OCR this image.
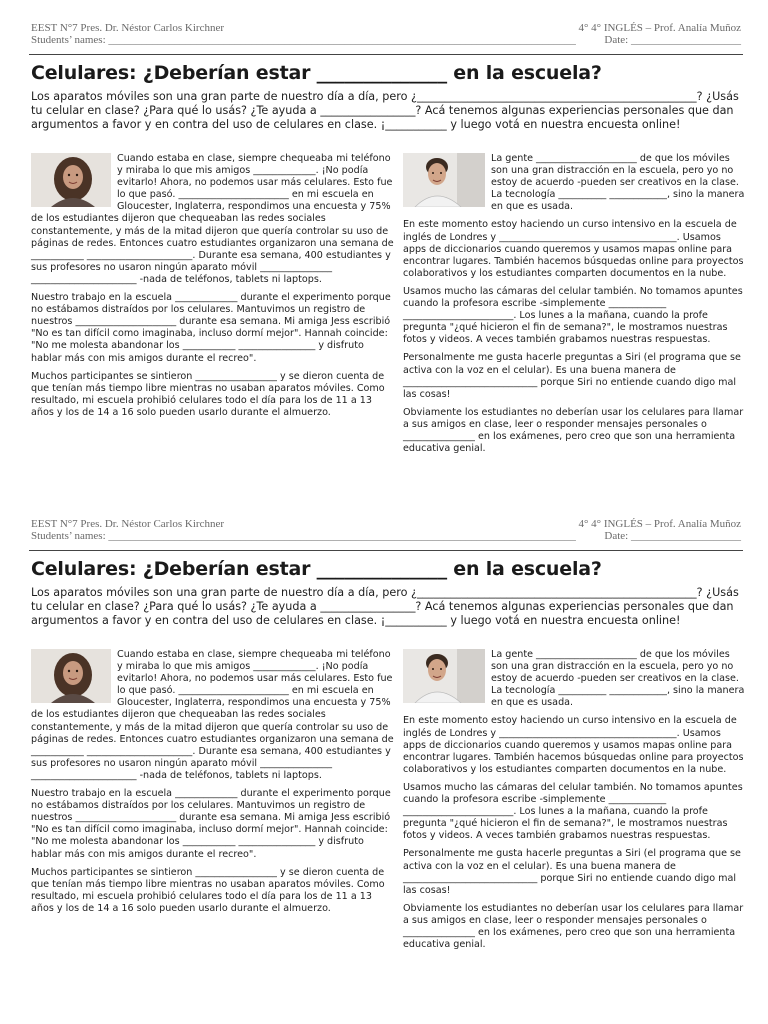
EEST N°7 Pres. Dr. Néstor Carlos Kirchner	4° 4° INGLÉS – Prof. Analía Muñoz
Students’ names: _____________________________________________________________________________________	Date: ____________________
Celulares: ¿Deberían estar ______________ en la escuela?
Los aparatos móviles son una gran parte de nuestro día a día, pero ¿__________________________________________________? ¿Usás tu celular en clase? ¿Para qué lo usás? ¿Te ayuda a _________________? Acá tenemos algunas experiencias personales que dan argumentos a favor y en contra del uso de celulares en clase. ¡___________ y luego votá en nuestra encuesta online!

Cuando estaba en clase, siempre chequeaba mi teléfono y miraba lo que mis amigos _____________. ¡No podía evitarlo! Ahora, no podemos usar más celulares. Esto fue lo que pasó. _______________________ en mi escuela en Gloucester, Inglaterra, respondimos una encuesta y 75% de los estudiantes dijeron que chequeaban las redes sociales constantemente, y más de la mitad dijeron que quería controlar su uso de páginas de redes. Entonces cuatro estudiantes organizaron una semana de ___________ ______________________. Durante esa semana, 400 estudiantes y sus profesores no usaron ningún aparato móvil _______________ ______________________ -nada de teléfonos, tablets ni laptops.

Nuestro trabajo en la escuela _____________ durante el experimento porque no estábamos distraídos por los celulares. Mantuvimos un registro de nuestros _____________________ durante esa semana. Mi amiga Jess escribió "No es tan difícil como imaginaba, incluso dormí mejor". Hannah coincide: "No me molesta abandonar los ___________ ________________ y disfruto hablar más con mis amigos durante el recreo".

Muchos participantes se sintieron _________________ y se dieron cuenta de que tenían más tiempo libre mientras no usaban aparatos móviles. Como resultado, mi escuela prohibió celulares todo el día para los de 11 a 13 años y los de 14 a 16 solo pueden usarlo durante el almuerzo.

La gente _____________________ de que los móviles son una gran distracción en la escuela, pero yo no estoy de acuerdo -pueden ser creativos en la clase. La tecnología __________ ____________, sino la manera en que es usada.

En este momento estoy haciendo un curso intensivo en la escuela de inglés de Londres y _____________________________________. Usamos apps de diccionarios cuando queremos y usamos mapas online para encontrar lugares. También hacemos búsquedas online para proyectos colaborativos y los estudiantes comparten documentos en la nube.

Usamos mucho las cámaras del celular también. No tomamos apuntes cuando la profesora escribe -simplemente ____________ _______________________. Los lunes a la mañana, cuando la profe pregunta "¿qué hicieron el fin de semana?", le mostramos nuestras fotos y videos. A veces también grabamos nuestras respuestas.

Personalmente me gusta hacerle preguntas a Siri (el programa que se activa con la voz en el celular). Es una buena manera de ____________________________ porque Siri no entiende cuando digo mal las cosas!

Obviamente los estudiantes no deberían usar los celulares para llamar a sus amigos en clase, leer o responder mensajes personales o _______________ en los exámenes, pero creo que son una herramienta educativa genial.

EEST N°7 Pres. Dr. Néstor Carlos Kirchner	4° 4° INGLÉS – Prof. Analía Muñoz
Students’ names: _____________________________________________________________________________________	Date: ____________________
Celulares: ¿Deberían estar ______________ en la escuela?
Los aparatos móviles son una gran parte de nuestro día a día, pero ¿__________________________________________________? ¿Usás tu celular en clase? ¿Para qué lo usás? ¿Te ayuda a _________________? Acá tenemos algunas experiencias personales que dan argumentos a favor y en contra del uso de celulares en clase. ¡___________ y luego votá en nuestra encuesta online!

Cuando estaba en clase, siempre chequeaba mi teléfono y miraba lo que mis amigos _____________. ¡No podía evitarlo! Ahora, no podemos usar más celulares. Esto fue lo que pasó. _______________________ en mi escuela en Gloucester, Inglaterra, respondimos una encuesta y 75% de los estudiantes dijeron que chequeaban las redes sociales constantemente, y más de la mitad dijeron que quería controlar su uso de páginas de redes. Entonces cuatro estudiantes organizaron una semana de ___________ ______________________. Durante esa semana, 400 estudiantes y sus profesores no usaron ningún aparato móvil _______________ ______________________ -nada de teléfonos, tablets ni laptops.

Nuestro trabajo en la escuela _____________ durante el experimento porque no estábamos distraídos por los celulares. Mantuvimos un registro de nuestros _____________________ durante esa semana. Mi amiga Jess escribió "No es tan difícil como imaginaba, incluso dormí mejor". Hannah coincide: "No me molesta abandonar los ___________ ________________ y disfruto hablar más con mis amigos durante el recreo".

Muchos participantes se sintieron _________________ y se dieron cuenta de que tenían más tiempo libre mientras no usaban aparatos móviles. Como resultado, mi escuela prohibió celulares todo el día para los de 11 a 13 años y los de 14 a 16 solo pueden usarlo durante el almuerzo.

La gente _____________________ de que los móviles son una gran distracción en la escuela, pero yo no estoy de acuerdo -pueden ser creativos en la clase. La tecnología __________ ____________, sino la manera en que es usada.

En este momento estoy haciendo un curso intensivo en la escuela de inglés de Londres y _____________________________________. Usamos apps de diccionarios cuando queremos y usamos mapas online para encontrar lugares. También hacemos búsquedas online para proyectos colaborativos y los estudiantes comparten documentos en la nube.

Usamos mucho las cámaras del celular también. No tomamos apuntes cuando la profesora escribe -simplemente ____________ _______________________. Los lunes a la mañana, cuando la profe pregunta "¿qué hicieron el fin de semana?", le mostramos nuestras fotos y videos. A veces también grabamos nuestras respuestas.

Personalmente me gusta hacerle preguntas a Siri (el programa que se activa con la voz en el celular). Es una buena manera de ____________________________ porque Siri no entiende cuando digo mal las cosas!

Obviamente los estudiantes no deberían usar los celulares para llamar a sus amigos en clase, leer o responder mensajes personales o _______________ en los exámenes, pero creo que son una herramienta educativa genial.
